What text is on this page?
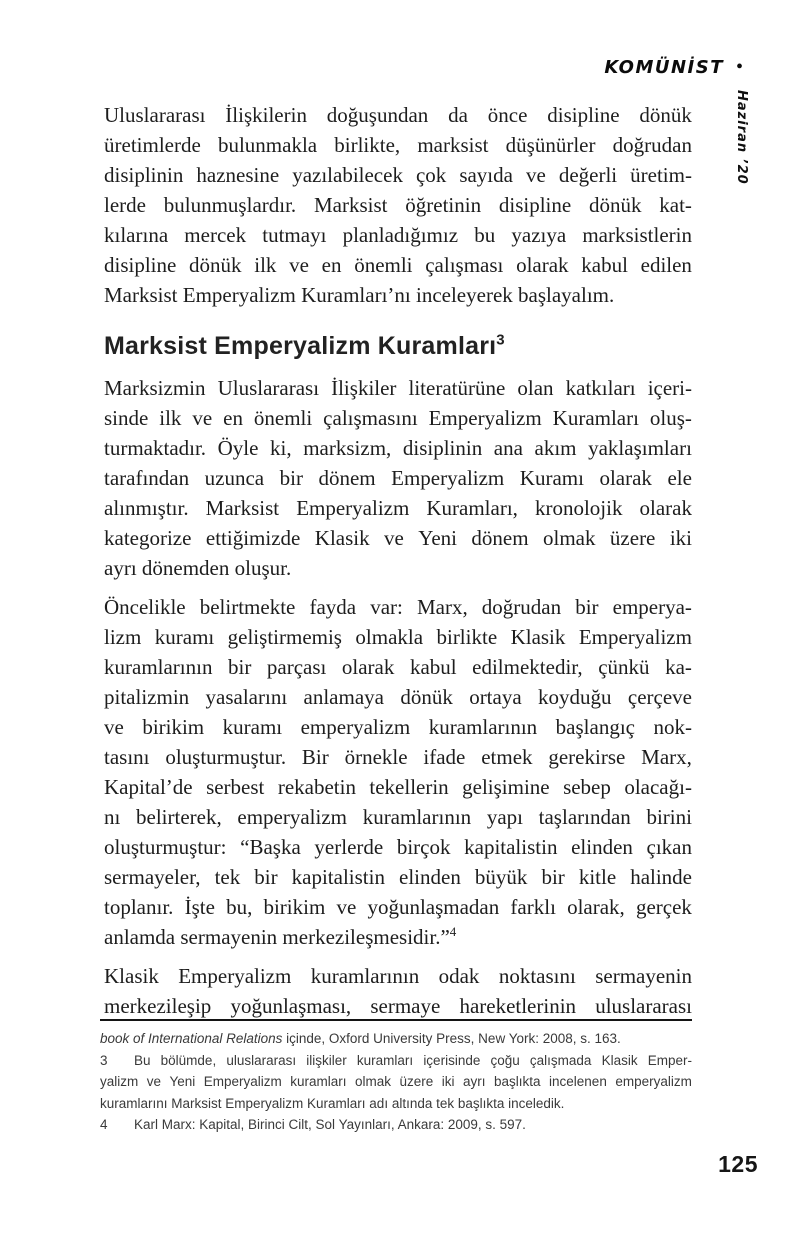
KOMÜNİST •
Haziran ’20
Uluslararası İlişkilerin doğuşundan da önce disipline dönük
üretimlerde bulunmakla birlikte, marksist düşünürler doğrudan
disiplinin haznesine yazılabilecek çok sayıda ve değerli üretim-
lerde bulunmuşlardır. Marksist öğretinin disipline dönük kat-
kılarına mercek tutmayı planladığımız bu yazıya marksistlerin
disipline dönük ilk ve en önemli çalışması olarak kabul edilen
Marksist Emperyalizm Kuramları’nı inceleyerek başlayalım.
Marksist Emperyalizm Kuramları$^3$
Marksizmin Uluslararası İlişkiler literatürüne olan katkıları içeri-
sinde ilk ve en önemli çalışmasını Emperyalizm Kuramları oluş-
turmaktadır. Öyle ki, marksizm, disiplinin ana akım yaklaşımları
tarafından uzunca bir dönem Emperyalizm Kuramı olarak ele
alınmıştır. Marksist Emperyalizm Kuramları, kronolojik olarak
kategorize ettiğimizde Klasik ve Yeni dönem olmak üzere iki
ayrı dönemden oluşur.
Öncelikle belirtmekte fayda var: Marx, doğrudan bir emperya-
lizm kuramı geliştirmemiş olmakla birlikte Klasik Emperyalizm
kuramlarının bir parçası olarak kabul edilmektedir, çünkü ka-
pitalizmin yasalarını anlamaya dönük ortaya koyduğu çerçeve
ve birikim kuramı emperyalizm kuramlarının başlangıç nok-
tasını oluşturmuştur. Bir örnekle ifade etmek gerekirse Marx,
Kapital’de serbest rekabetin tekellerin gelişimine sebep olacağı-
nı belirterek, emperyalizm kuramlarının yapı taşlarından birini
oluşturmuştur: “Başka yerlerde birçok kapitalistin elinden çıkan
sermayeler, tek bir kapitalistin elinden büyük bir kitle halinde
toplanır. İşte bu, birikim ve yoğunlaşmadan farklı olarak, gerçek
anlamda sermayenin merkezileşmesidir.”$^4$
Klasik Emperyalizm kuramlarının odak noktasını sermayenin
merkezileşip yoğunlaşması, sermaye hareketlerinin uluslararası
book of International Relations içinde, Oxford University Press, New York: 2008, s. 163.
3	Bu bölümde, uluslararası ilişkiler kuramları içerisinde çoğu çalışmada Klasik Emper-
yalizm ve Yeni Emperyalizm kuramları olmak üzere iki ayrı başlıkta incelenen emperyalizm
kuramlarını Marksist Emperyalizm Kuramları adı altında tek başlıkta inceledik.
4	Karl Marx: Kapital, Birinci Cilt, Sol Yayınları, Ankara: 2009, s. 597.
125
